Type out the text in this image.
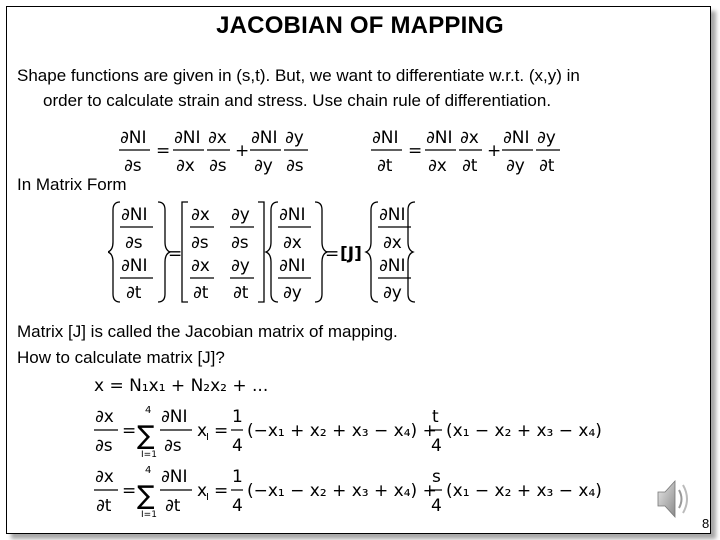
JACOBIAN OF MAPPING
Shape functions are given in (s,t). But, we want to differentiate w.r.t. (x,y) in
order to calculate strain and stress. Use chain rule of differentiation.
∂NI
∂s
=
∂NI
∂x
∂x
∂s
+
∂NI
∂y
∂y
∂s
∂NI
∂t
=
∂NI
∂x
∂x
∂t
+
∂NI
∂y
∂y
∂t
In Matrix Form
∂NI
∂s
∂NI
∂t
=
∂x
∂s
∂y
∂s
∂x
∂t
∂y
∂t
∂NI
∂x
∂NI
∂y
= [J]
∂NI
∂x
∂NI
∂y
Matrix [J] is called the Jacobian matrix of mapping.
How to calculate matrix [J]?
x = N₁x₁ + N₂x₂ + ...
∂x
∂s
= ∑
4
I=1
∂NI
∂s
x
I =
1
4
(−x₁ + x₂ + x₃ − x₄) +
t
4
(x₁ − x₂ + x₃ − x₄)
∂x
∂t
= ∑
4
I=1
∂NI
∂t
x
I =
1
4
(−x₁ − x₂ + x₃ + x₄) +
s
4
(x₁ − x₂ + x₃ − x₄)
8
